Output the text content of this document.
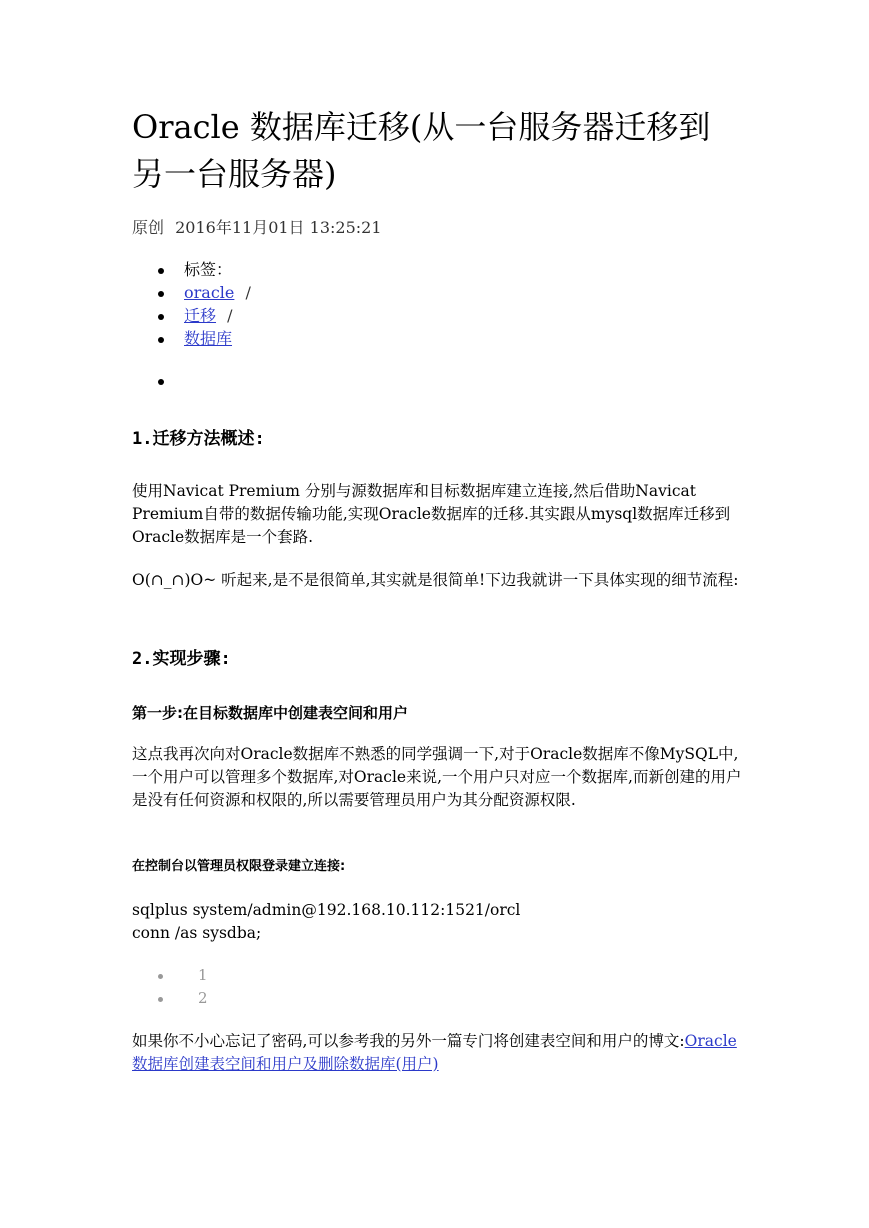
Oracle 数据库迁移(从一台服务器迁移到另一台服务器)
原创 2016年11月01日 13:25:21
标签：
oracle /
迁移 /
数据库
1.迁移方法概述:

使用Navicat Premium 分别与源数据库和目标数据库建立连接,然后借助Navicat Premium自带的数据传输功能,实现Oracle数据库的迁移.其实跟从mysql数据库迁移到Oracle数据库是一个套路.

O(∩_∩)O~ 听起来,是不是很简单,其实就是很简单!下边我就讲一下具体实现的细节流程:

2.实现步骤:
第一步:在目标数据库中创建表空间和用户

这点我再次向对Oracle数据库不熟悉的同学强调一下,对于Oracle数据库不像MySQL中,一个用户可以管理多个数据库,对Oracle来说,一个用户只对应一个数据库,而新创建的用户是没有任何资源和权限的,所以需要管理员用户为其分配资源权限.

在控制台以管理员权限登录建立连接:
sqlplus system/admin@192.168.10.112:1521/orcl
conn /as sysdba;
1
2

如果你不小心忘记了密码,可以参考我的另外一篇专门将创建表空间和用户的博文:Oracle数据库创建表空间和用户及删除数据库(用户)
